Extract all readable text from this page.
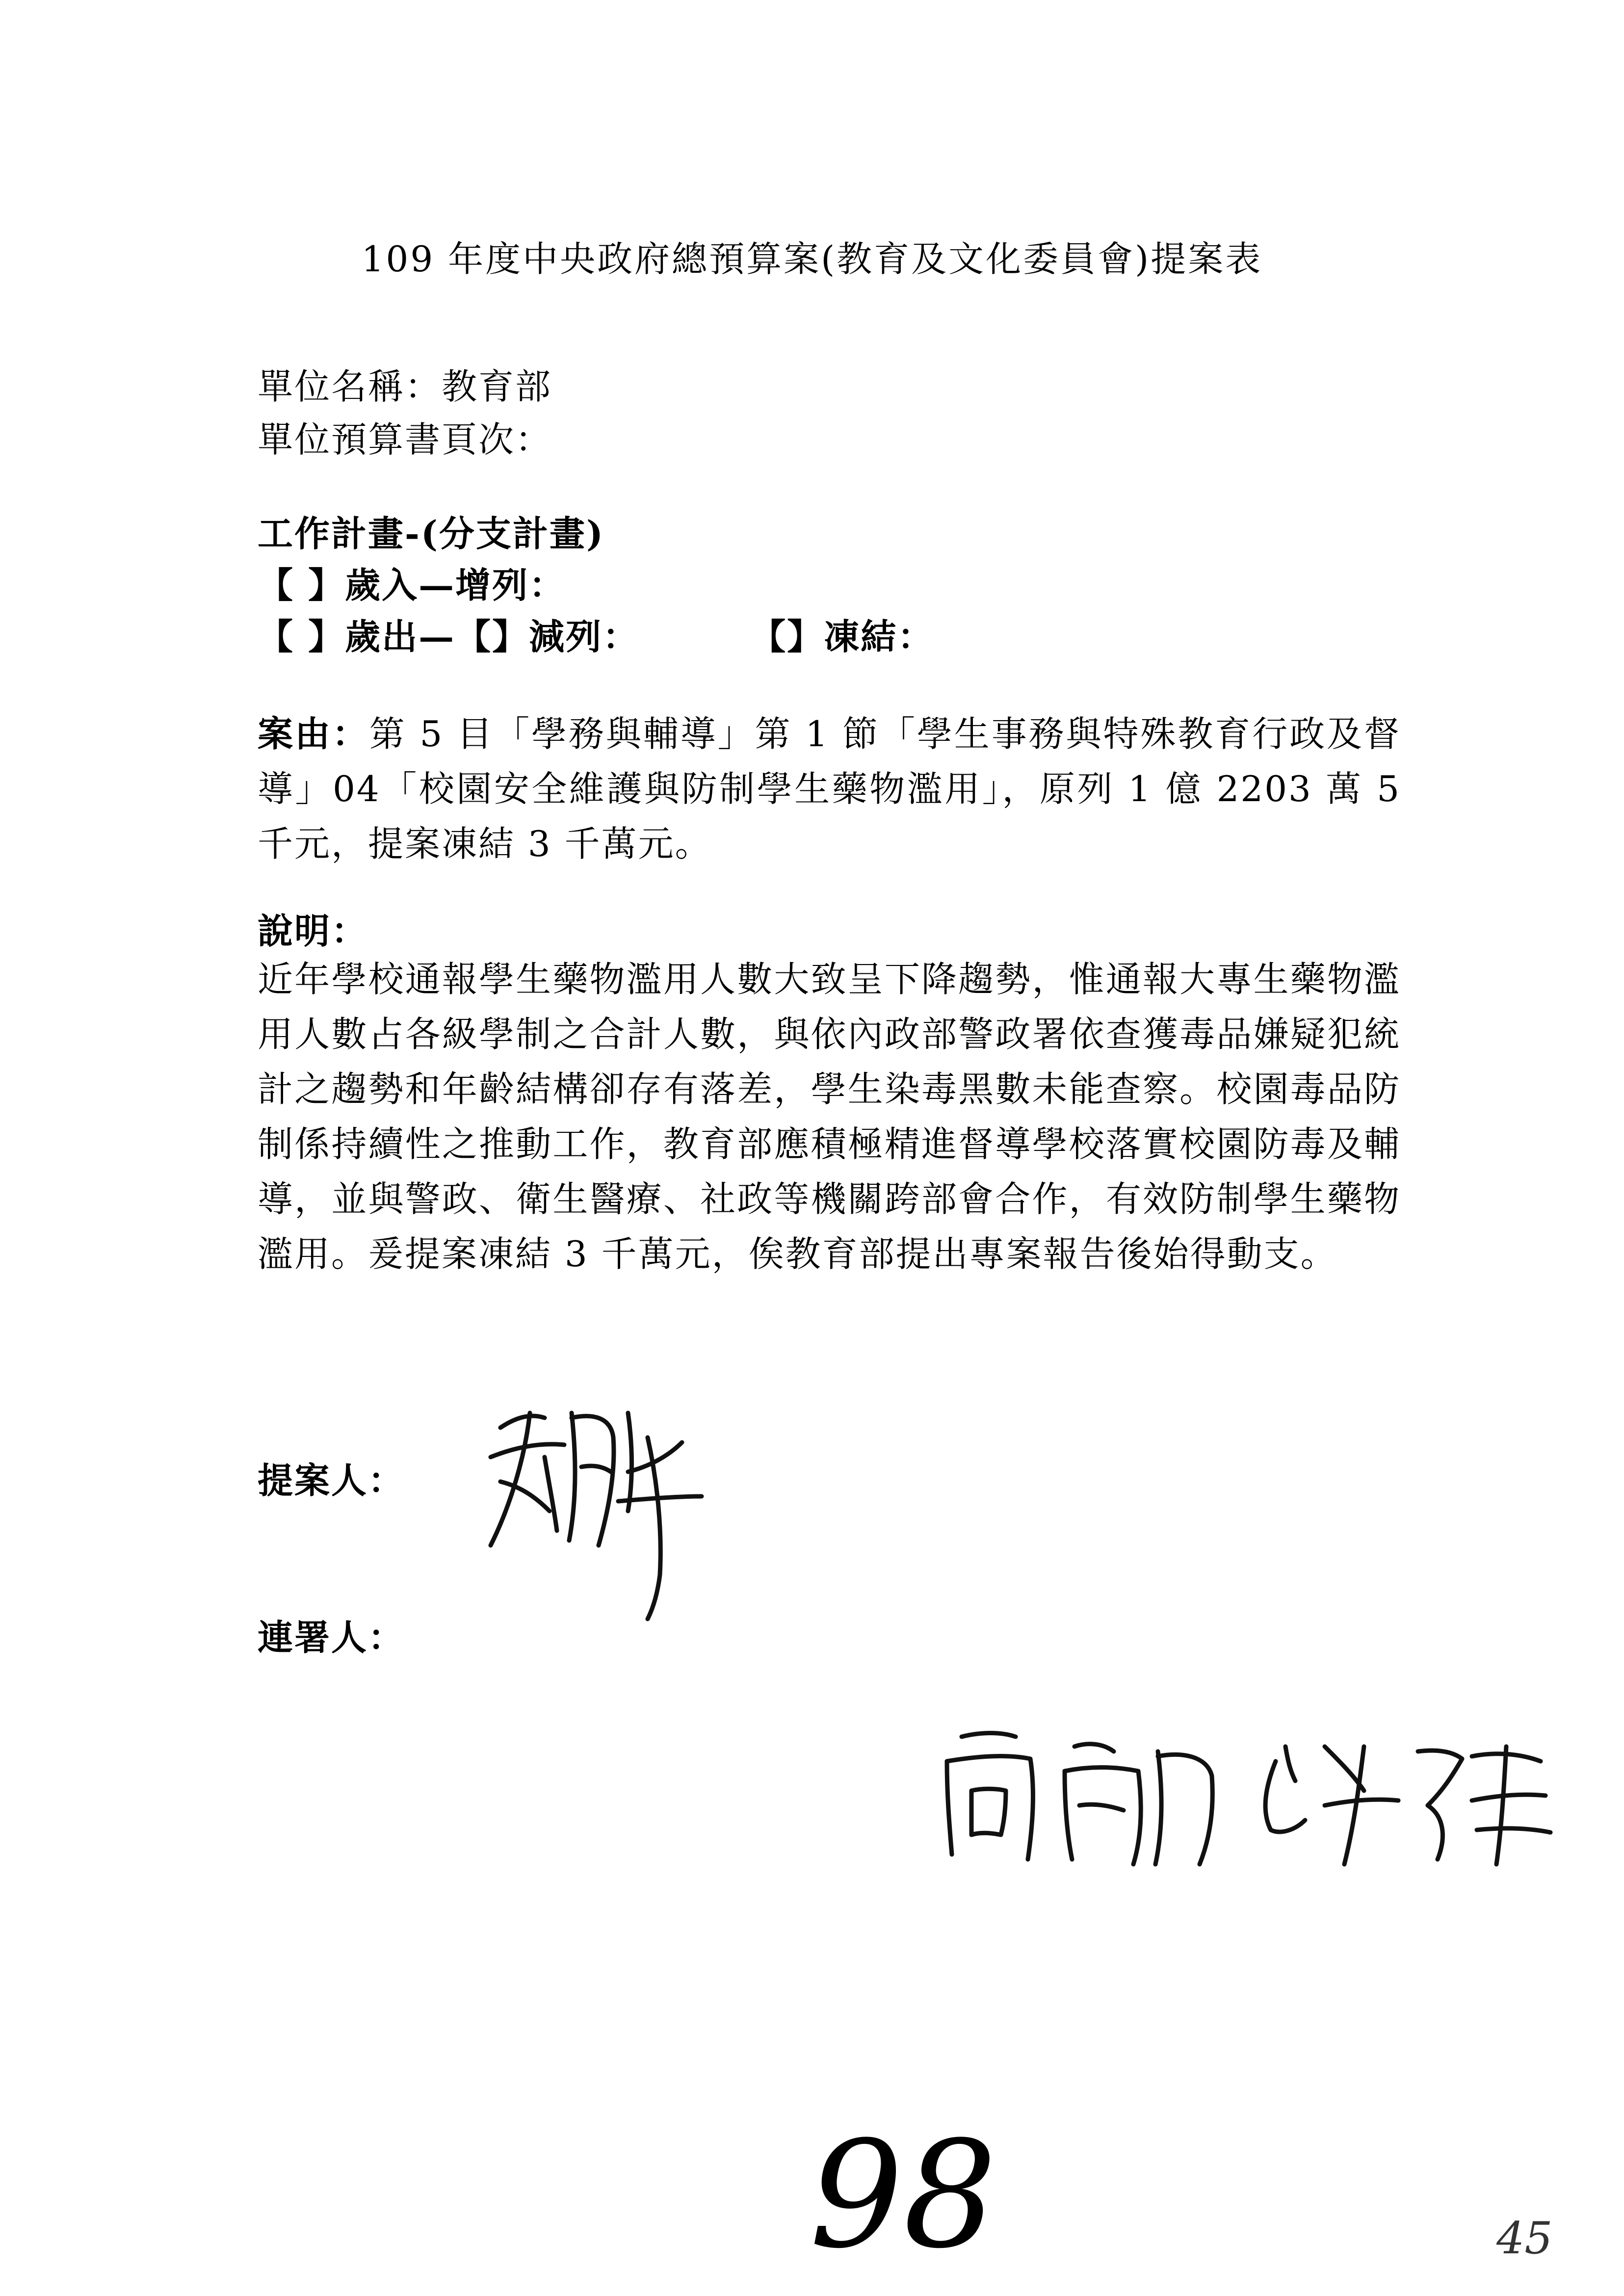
109 年度中央政府總預算案(教育及文化委員會)提案表
單位名稱：教育部
單位預算書頁次：
工作計畫-(分支計畫)
【 】歲入—增列：
【 】歲出—【】減列：	【】凍結：
案由：第 5 目「學務與輔導」第 1 節「學生事務與特殊教育行政及督導」04「校園安全維護與防制學生藥物濫用」，原列 1 億 2203 萬 5 千元，提案凍結 3 千萬元。
說明：
近年學校通報學生藥物濫用人數大致呈下降趨勢，惟通報大專生藥物濫用人數占各級學制之合計人數，與依內政部警政署依查獲毒品嫌疑犯統計之趨勢和年齡結構卻存有落差，學生染毒黑數未能查察。校園毒品防制係持續性之推動工作，教育部應積極精進督導學校落實校園防毒及輔導，並與警政、衛生醫療、社政等機關跨部會合作，有效防制學生藥物濫用。爰提案凍結 3 千萬元，俟教育部提出專案報告後始得動支。
提案人：
連署人：
98	45
